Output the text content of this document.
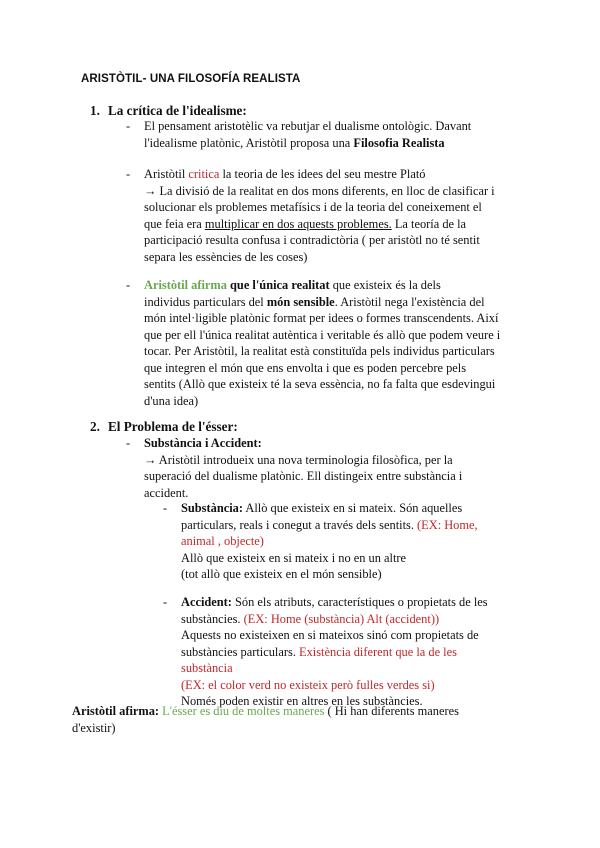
ARISTÒTIL- UNA FILOSOFÍA REALISTA
1. La crítica de l'idealisme:
- El pensament aristotèlic va rebutjar el dualisme ontològic. Davant
l'idealisme platònic, Aristòtil proposa una Filosofia Realista
- Aristòtil critica la teoria de les idees del seu mestre Plató
→ La divisió de la realitat en dos mons diferents, en lloc de clasificar i
solucionar els problemes metafísics i de la teoria del coneixement el
que feia era multiplicar en dos aquests problemes. La teoría de la
participació resulta confusa i contradictòria ( per aristòtl no té sentit
separa les essències de les coses)
- Aristòtil afirma que l'única realitat que existeix és la dels
individus particulars del món sensible. Aristòtil nega l'existència del
món intel·ligible platònic format per idees o formes transcendents. Així
que per ell l'única realitat autèntica i veritable és allò que podem veure i
tocar. Per Aristòtil, la realitat està constituïda pels individus particulars
que integren el món que ens envolta i que es poden percebre pels
sentits (Allò que existeix té la seva essència, no fa falta que esdevingui
d'una idea)
2. El Problema de l'ésser:
- Substància i Accident:
→ Aristòtil introdueix una nova terminologia filosòfica, per la
superació del dualisme platònic. Ell distingeix entre substància i
accident.
- Substància: Allò que existeix en si mateix. Són aquelles
particulars, reals i conegut a través dels sentits. (EX: Home,
animal , objecte)
Allò que existeix en si mateix i no en un altre
(tot allò que existeix en el món sensible)
- Accident: Són els atributs, característiques o propietats de les
substàncies. (EX: Home (substància) Alt (accident))
Aquests no existeixen en si mateixos sinó com propietats de
substàncies particulars. Existència diferent que la de les
substància
(EX: el color verd no existeix però fulles verdes si)
Només poden existir en altres en les substàncies.
Aristòtil afirma: L'ésser es diu de moltes maneres ( Hi han diferents maneres
d'existir)
